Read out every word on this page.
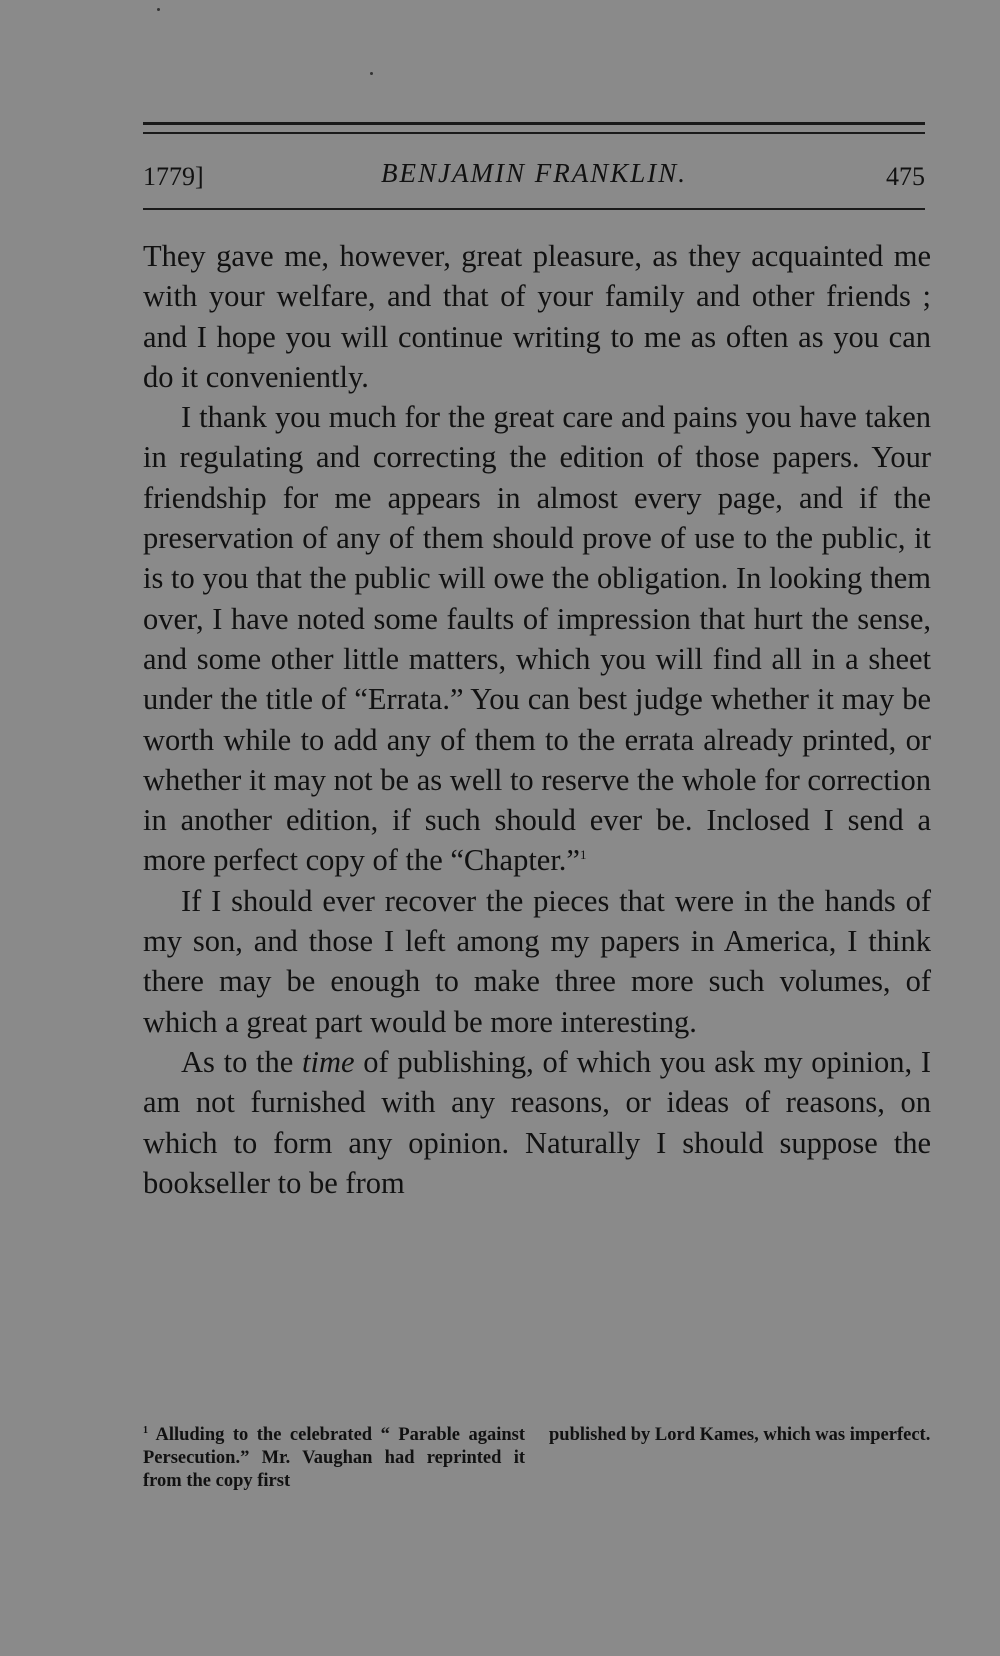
1779]	BENJAMIN FRANKLIN.	475

They gave me, however, great pleasure, as they acquainted me with your welfare, and that of your family and other friends ; and I hope you will continue writing to me as often as you can do it conveniently.

I thank you much for the great care and pains you have taken in regulating and correcting the edition of those papers. Your friendship for me appears in almost every page, and if the preservation of any of them should prove of use to the public, it is to you that the public will owe the obligation. In looking them over, I have noted some faults of impression that hurt the sense, and some other little matters, which you will find all in a sheet under the title of “Errata.” You can best judge whether it may be worth while to add any of them to the errata already printed, or whether it may not be as well to reserve the whole for correction in another edition, if such should ever be. Inclosed I send a more perfect copy of the “Chapter.”$^1$

If I should ever recover the pieces that were in the hands of my son, and those I left among my papers in America, I think there may be enough to make three more such volumes, of which a great part would be more interesting.

As to the time of publishing, of which you ask my opinion, I am not furnished with any reasons, or ideas of reasons, on which to form any opinion. Naturally I should suppose the bookseller to be from

$^1$ Alluding to the celebrated “ Parable against Persecution.” Mr. Vaughan had reprinted it from the copy first
published by Lord Kames, which was imperfect.
